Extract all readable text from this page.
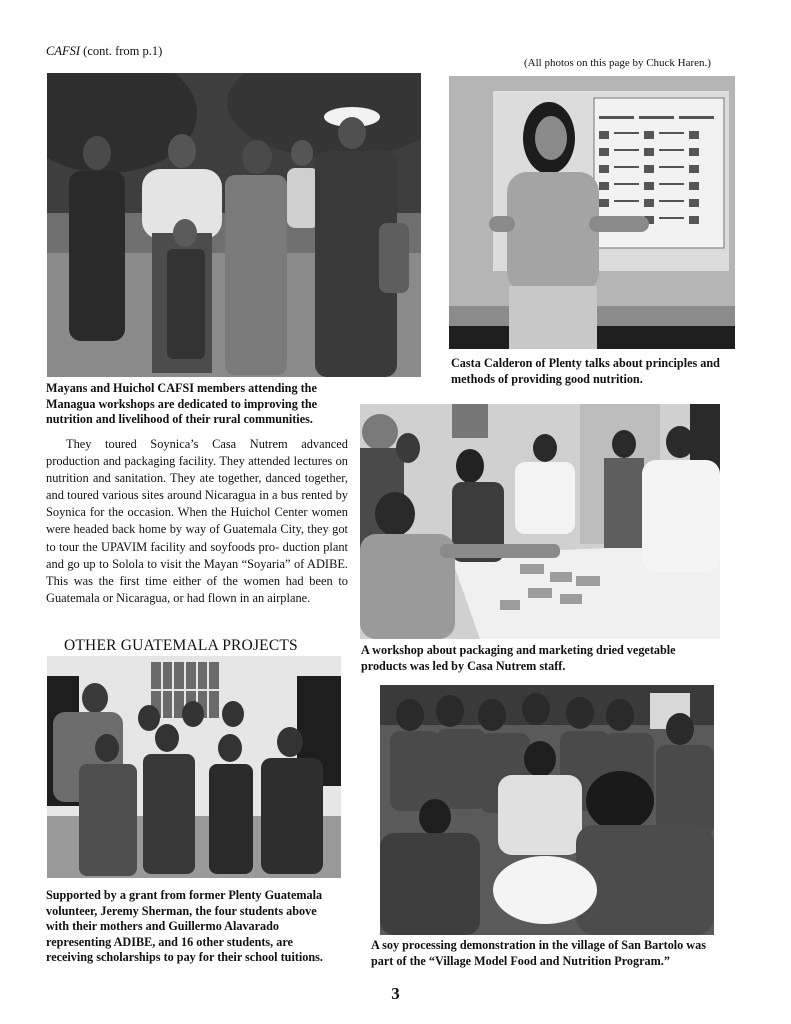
CAFSI (cont. from p.1)
(All photos on this page by Chuck Haren.)
Mayans and Huichol CAFSI members attending the
Managua workshops are dedicated to improving the
nutrition and livelihood of their rural communities.
Casta Calderon of Plenty talks about principles and
methods of providing good nutrition.

They toured Soynica’s Casa Nutrem advanced production and packaging facility. They attended lectures on nutrition and sanitation. They ate together, danced together, and toured various sites around Nicaragua in a bus rented by Soynica for the occasion. When the Huichol Center women were headed back home by way of Guatemala City, they got to tour the UPAVIM facility and soyfoods pro- duction plant and go up to Solola to visit the Mayan “Soyaria” of ADIBE. This was the first time either of the women had been to Guatemala or Nicaragua, or had flown in an airplane.

OTHER GUATEMALA PROJECTS	A workshop about packaging and marketing dried vegetable
products was led by Casa Nutrem staff.
Supported by a grant from former Plenty Guatemala
volunteer, Jeremy Sherman, the four students above
with their mothers and Guillermo Alavarado
representing ADIBE, and 16 other students, are
receiving scholarships to pay for their school tuitions.
A soy processing demonstration in the village of San Bartolo was
part of the “Village Model Food and Nutrition Program.”
3
